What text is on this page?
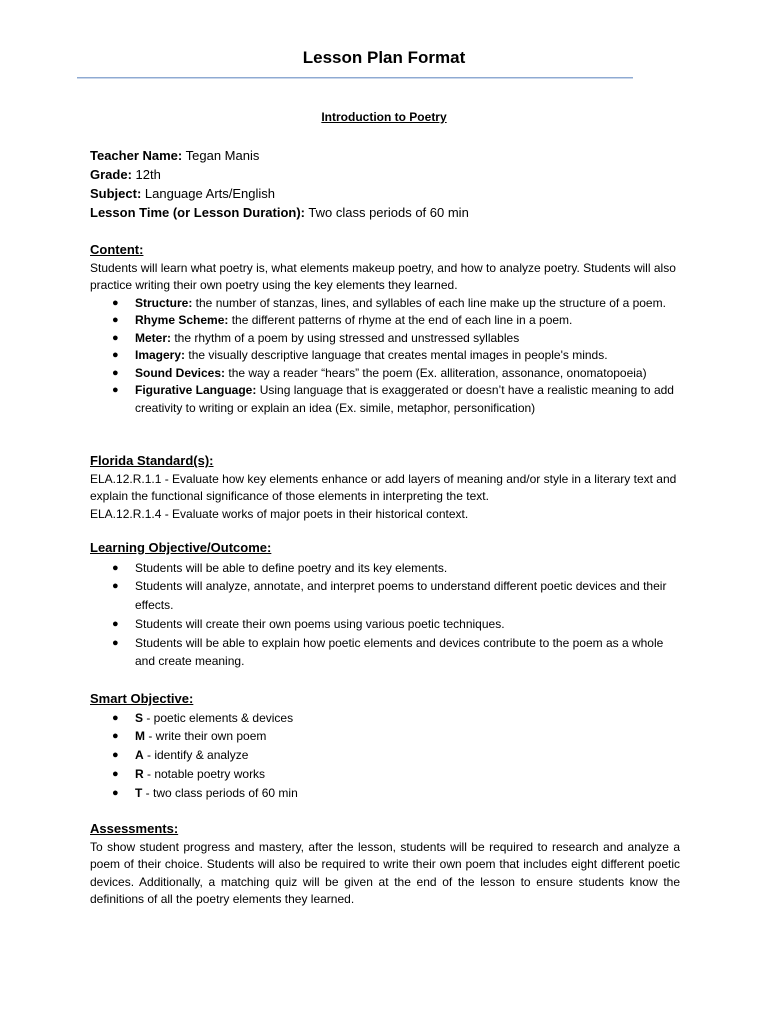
Lesson Plan Format
Introduction to Poetry
Teacher Name: Tegan Manis
Grade: 12th
Subject: Language Arts/English
Lesson Time (or Lesson Duration): Two class periods of 60 min
Content:
Students will learn what poetry is, what elements makeup poetry, and how to analyze poetry. Students will also practice writing their own poetry using the key elements they learned.
● Structure: the number of stanzas, lines, and syllables of each line make up the structure of a poem.
● Rhyme Scheme: the different patterns of rhyme at the end of each line in a poem.
● Meter: the rhythm of a poem by using stressed and unstressed syllables
● Imagery: the visually descriptive language that creates mental images in people's minds.
● Sound Devices: the way a reader “hears” the poem (Ex. alliteration, assonance, onomatopoeia)
● Figurative Language: Using language that is exaggerated or doesn’t have a realistic meaning to add creativity to writing or explain an idea (Ex. simile, metaphor, personification)
Florida Standard(s):
ELA.12.R.1.1 - Evaluate how key elements enhance or add layers of meaning and/or style in a literary text and explain the functional significance of those elements in interpreting the text.
ELA.12.R.1.4 - Evaluate works of major poets in their historical context.
Learning Objective/Outcome:
● Students will be able to define poetry and its key elements.
● Students will analyze, annotate, and interpret poems to understand different poetic devices and their effects.
● Students will create their own poems using various poetic techniques.
● Students will be able to explain how poetic elements and devices contribute to the poem as a whole and create meaning.
Smart Objective:
● S - poetic elements & devices
● M - write their own poem
● A - identify & analyze
● R - notable poetry works
● T - two class periods of 60 min
Assessments:
To show student progress and mastery, after the lesson, students will be required to research and analyze a poem of their choice. Students will also be required to write their own poem that includes eight different poetic devices. Additionally, a matching quiz will be given at the end of the lesson to ensure students know the definitions of all the poetry elements they learned.
